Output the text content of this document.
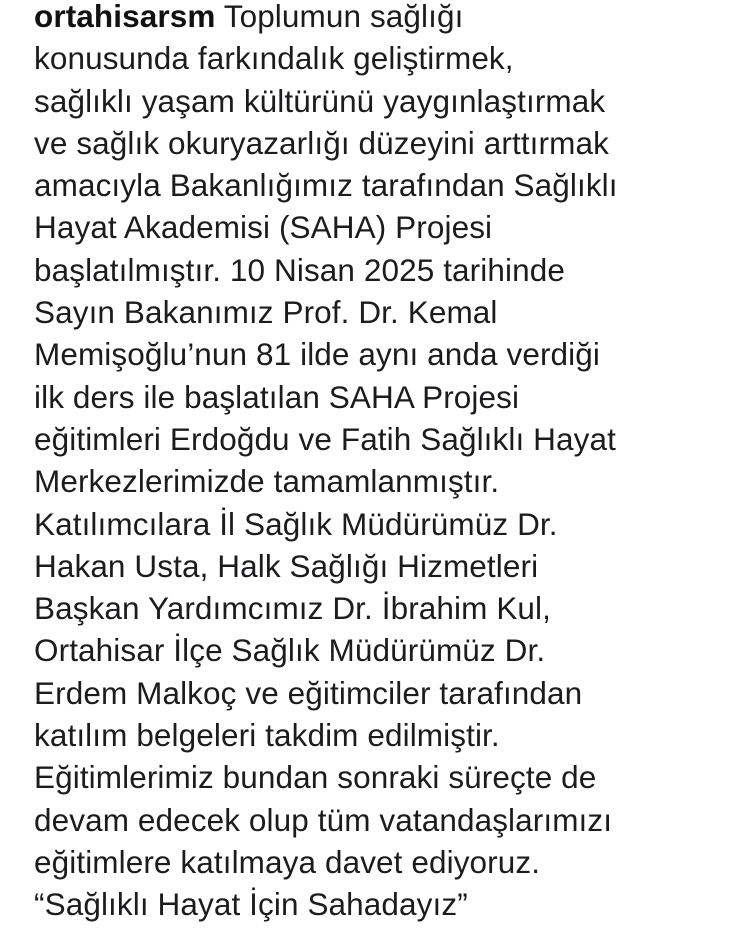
ortahisarsm Toplumun sağlığı
konusunda farkındalık geliştirmek,
sağlıklı yaşam kültürünü yaygınlaştırmak
ve sağlık okuryazarlığı düzeyini arttırmak
amacıyla Bakanlığımız tarafından Sağlıklı
Hayat Akademisi (SAHA) Projesi
başlatılmıştır. 10 Nisan 2025 tarihinde
Sayın Bakanımız Prof. Dr. Kemal
Memişoğlu’nun 81 ilde aynı anda verdiği
ilk ders ile başlatılan SAHA Projesi
eğitimleri Erdoğdu ve Fatih Sağlıklı Hayat
Merkezlerimizde tamamlanmıştır.
Katılımcılara İl Sağlık Müdürümüz Dr.
Hakan Usta, Halk Sağlığı Hizmetleri
Başkan Yardımcımız Dr. İbrahim Kul,
Ortahisar İlçe Sağlık Müdürümüz Dr.
Erdem Malkoç ve eğitimciler tarafından
katılım belgeleri takdim edilmiştir.
Eğitimlerimiz bundan sonraki süreçte de
devam edecek olup tüm vatandaşlarımızı
eğitimlere katılmaya davet ediyoruz.
“Sağlıklı Hayat İçin Sahadayız”
